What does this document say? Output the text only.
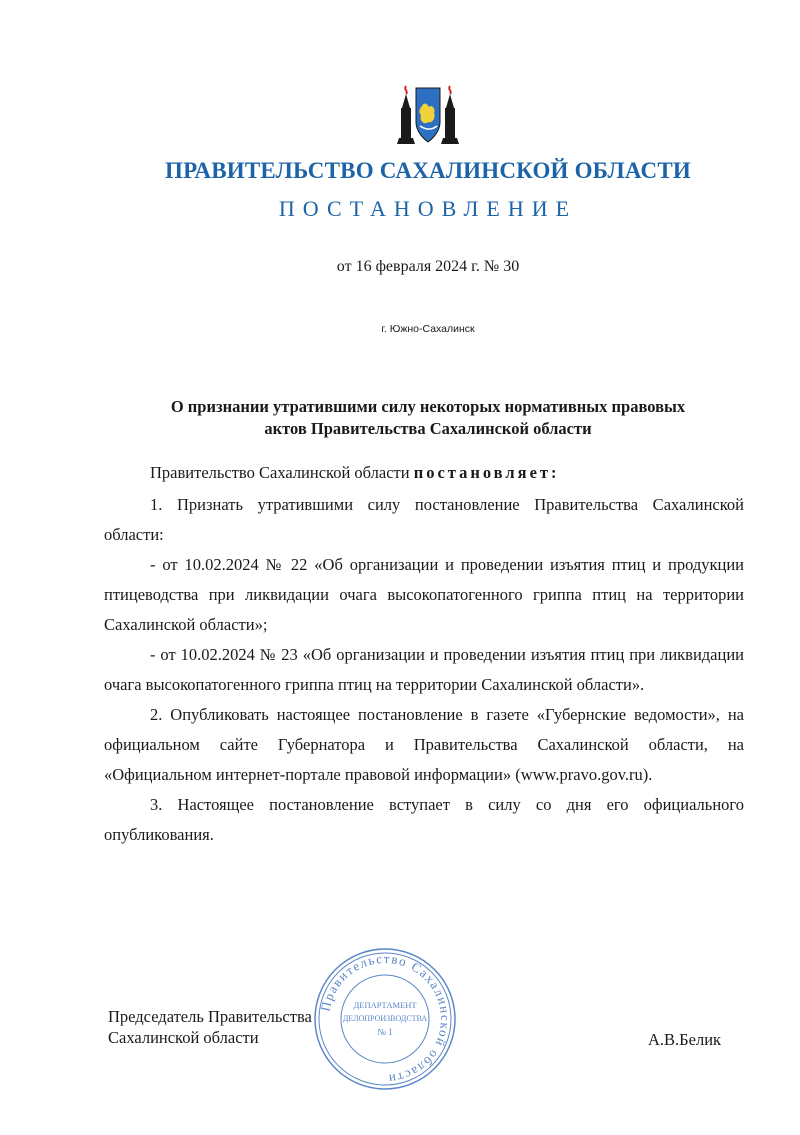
ПРАВИТЕЛЬСТВО САХАЛИНСКОЙ ОБЛАСТИ
ПОСТАНОВЛЕНИЕ
от 16 февраля 2024 г. № 30
г. Южно-Сахалинск
О признании утратившими силу некоторых нормативных правовых
актов Правительства Сахалинской области

Правительство Сахалинской области постановляет:

1. Признать утратившими силу постановление Правительства Сахалинской области:

- от 10.02.2024 № 22 «Об организации и проведении изъятия птиц и продукции птицеводства при ликвидации очага высокопатогенного гриппа птиц на территории Сахалинской области»;

- от 10.02.2024 № 23 «Об организации и проведении изъятия птиц при ликвидации очага высокопатогенного гриппа птиц на территории Сахалинской области».

2. Опубликовать настоящее постановление в газете «Губернские ведомости», на официальном сайте Губернатора и Правительства Сахалинской области, на «Официальном интернет-портале правовой информации» (www.pravo.gov.ru).

3. Настоящее постановление вступает в силу со дня его официального опубликования.

Председатель Правительства
Сахалинской области
Правительство Сахалинской области
ДЕПАРТАМЕНТ
ДЕЛОПРОИЗВОДСТВА
№ 1	А.В.Белик
